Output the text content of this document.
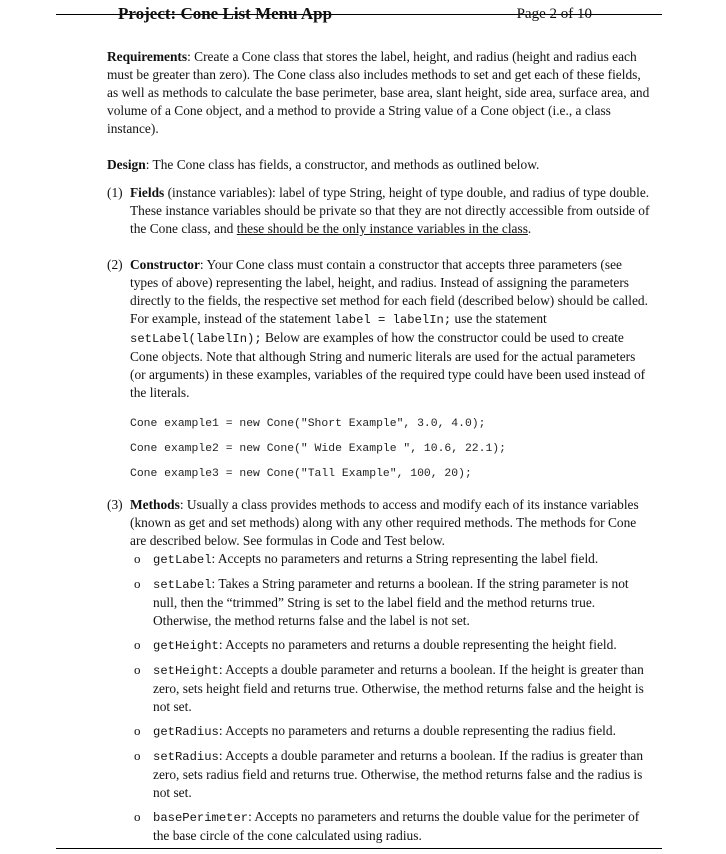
Project: Cone List Menu App	Page 2 of 10

Requirements: Create a Cone class that stores the label, height, and radius (height and radius each must be greater than zero). The Cone class also includes methods to set and get each of these fields, as well as methods to calculate the base perimeter, base area, slant height, side area, surface area, and volume of a Cone object, and a method to provide a String value of a Cone object (i.e., a class instance).

Design: The Cone class has fields, a constructor, and methods as outlined below.

(1) Fields (instance variables): label of type String, height of type double, and radius of type double. These instance variables should be private so that they are not directly accessible from outside of the Cone class, and these should be the only instance variables in the class.
(2) Constructor: Your Cone class must contain a constructor that accepts three parameters (see types of above) representing the label, height, and radius. Instead of assigning the parameters directly to the fields, the respective set method for each field (described below) should be called. For example, instead of the statement label = labelIn; use the statement setLabel(labelIn); Below are examples of how the constructor could be used to create Cone objects. Note that although String and numeric literals are used for the actual parameters (or arguments) in these examples, variables of the required type could have been used instead of the literals.
Cone example1 = new Cone("Short Example", 3.0, 4.0);
Cone example2 = new Cone(" Wide Example ", 10.6, 22.1);
Cone example3 = new Cone("Tall Example", 100, 20);
(3) Methods: Usually a class provides methods to access and modify each of its instance variables (known as get and set methods) along with any other required methods. The methods for Cone are described below. See formulas in Code and Test below.
o getLabel: Accepts no parameters and returns a String representing the label field.
o setLabel: Takes a String parameter and returns a boolean. If the string parameter is not null, then the “trimmed” String is set to the label field and the method returns true. Otherwise, the method returns false and the label is not set.
o getHeight: Accepts no parameters and returns a double representing the height field.
o setHeight: Accepts a double parameter and returns a boolean. If the height is greater than zero, sets height field and returns true. Otherwise, the method returns false and the height is not set.
o getRadius: Accepts no parameters and returns a double representing the radius field.
o setRadius: Accepts a double parameter and returns a boolean. If the radius is greater than zero, sets radius field and returns true. Otherwise, the method returns false and the radius is not set.
o basePerimeter: Accepts no parameters and returns the double value for the perimeter of the base circle of the cone calculated using radius.
